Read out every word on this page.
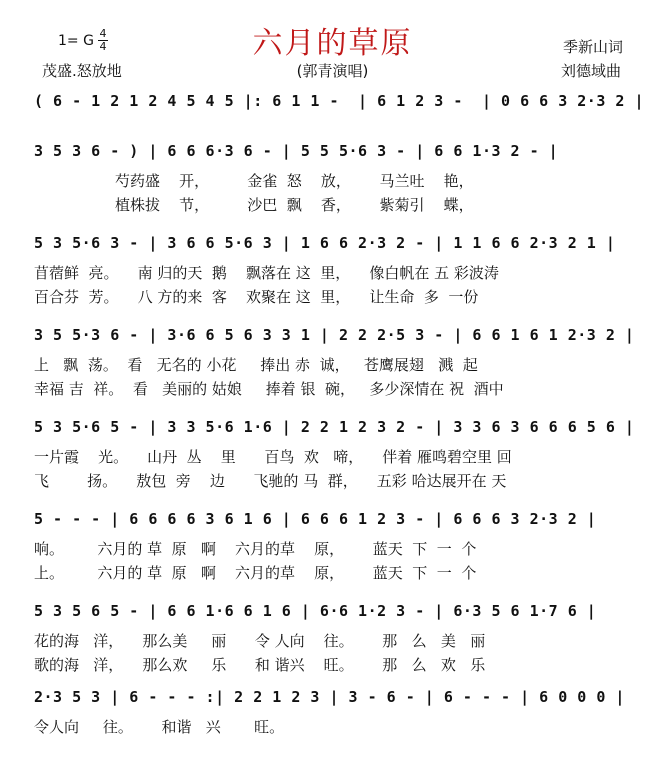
六月的草原
(郭青演唱)
1= G 4
4
茂盛.怒放地
季新山词
刘德域曲
( 6 - 1 2 1 2 4 5 4 5 |: 6 1 1 -  | 6 1 2 3 -  | 0 6 6 3 2·3 2 |
3 5 3 6 - ) | 6 6 6·3 6 - | 5 5 5·6 3 - | 6 6 1·3 2 - |
芍药盛    开，        金雀  怒    放，      马兰吐    艳，
植株拔    节，        沙巴  飘    香，      紫菊引    蝶，
5 3 5·6 3 - | 3 6 6 5·6 3 | 1 6 6 2·3 2 - | 1 1 6 6 2·3 2 1 |
苜蓿鲜  亮。    南 归的天  鹅    飘落在 这  里，    像白帆在 五 彩波涛
百合芬  芳。    八 方的来  客    欢聚在 这  里，    让生命  多  一份
3 5 5·3 6 - | 3·6 6 5 6 3 3 1 | 2 2 2·5 3 - | 6 6 1 6 1 2·3 2 |
上   飘  荡。  看   无名的 小花     捧出 赤  诚，   苍鹰展翅   溅  起
幸福 吉  祥。  看   美丽的 姑娘     捧着 银  碗，   多少深情在 祝  酒中
5 3 5·6 5 - | 3 3 5·6 1·6 | 2 2 1 2 3 2 - | 3 3 6 3 6 6 6 5 6 |
一片霞    光。    山丹  丛    里      百鸟  欢   啼，    伴着 雁鸣碧空里 回
飞        扬。    敖包  旁    边      飞驰的 马  群，    五彩 哈达展开在 天
5 - - - | 6 6 6 6 3 6 1 6 | 6 6 6 1 2 3 - | 6 6 6 3 2·3 2 |
响。       六月的 草  原   啊    六月的草    原，      蓝天  下  一  个
上。       六月的 草  原   啊    六月的草    原，      蓝天  下  一  个
5 3 5 6 5 - | 6 6 1·6 6 1 6 | 6·6 1·2 3 - | 6·3 5 6 1·7 6 |
花的海   洋，    那么美     丽      令 人向    往。      那   么   美   丽
歌的海   洋，    那么欢     乐      和 谐兴    旺。      那   么   欢   乐
2·3 5 3 | 6 - - - :| 2 2 1 2 3 | 3 - 6 - | 6 - - - | 6 0 0 0 |
令人向     往。      和谐   兴       旺。
